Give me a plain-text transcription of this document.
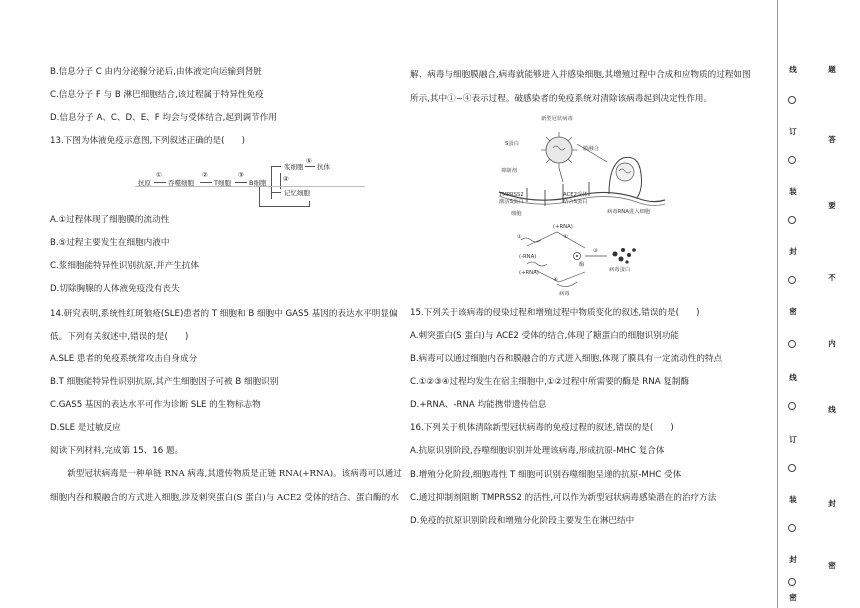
B.信息分子 C 由内分泌腺分泌后,由体液定向运输到肾脏
C.信息分子 F 与 B 淋巴细胞结合,该过程属于特异性免疫
D.信息分子 A、C、D、E、F 均会与受体结合,起到调节作用
13.下图为体液免疫示意图,下列叙述正确的是(　　)
A.①过程体现了细胞膜的流动性
B.⑤过程主要发生在细胞内液中
C.浆细胞能特异性识别抗原,并产生抗体
D.切除胸腺的人体液免疫没有丧失
14.研究表明,系统性红斑狼疮(SLE)患者的 T 细胞和 B 细胞中 GAS5 基因的表达水平明显偏
低。下列有关叙述中,错误的是(　　)
A.SLE 患者的免疫系统常攻击自身成分
B.T 细胞能特异性识别抗原,其产生细胞因子可被 B 细胞识别
C.GAS5 基因的表达水平可作为诊断 SLE 的生物标志物
D.SLE 是过敏反应
阅读下列材料,完成第 15、16 题。
　　新型冠状病毒是一种单链 RNA 病毒,其遗传物质是正链 RNA(+RNA)。该病毒可以通过
细胞内吞和膜融合的方式进入细胞,涉及刺突蛋白(S 蛋白)与 ACE2 受体的结合、蛋白酶的水
抗原
①
吞噬细胞
②
T细胞
③
B细胞
浆细胞
⑤
抗体
记忆细胞
④
解、病毒与细胞膜融合,病毒就能够进入并感染细胞,其增殖过程中合成和应物质的过程如图
所示,其中①~④表示过程。破感染者的免疫系统对清除该病毒起到决定性作用。
15.下列关于该病毒的侵染过程和增殖过程中物质变化的叙述,错误的是(　　)
A.刺突蛋白(S 蛋白)与 ACE2 受体的结合,体现了糖蛋白的细胞识别功能
B.病毒可以通过细胞内吞和膜融合的方式进入细胞,体现了膜具有一定流动性的特点
C.①②③④过程均发生在宿主细胞中,①②过程中所需要的酶是 RNA 复制酶
D.+RNA、-RNA 均能携带遗传信息
16.下列关于机体清除新型冠状病毒的免疫过程的叙述,错误的是(　　)
A.抗原识别阶段,吞噬细胞识别并处理该病毒,形成抗原-MHC 复合体
B.增殖分化阶段,细胞毒性 T 细胞可识别吞噬细胞呈递的抗原-MHC 受体
C.通过抑制剂阻断 TMPRSS2 的活性,可以作为新型冠状病毒感染潜在的治疗方法
D.免疫的抗原识别阶段和增殖分化阶段主要发生在淋巴结中
新型冠状病毒
S蛋白
膜融合
抑制剂
TMPRSS2
激活S蛋白
ACE2受体
结合S蛋白
细胞	病毒RNA进入细胞
(+RNA)
①	②
(-RNA)
③
酶
(+RNA)	病毒蛋白
④
病毒
线
订
装
封
密
线
订
装
封
密
题
答
要
不
内
线
封
密
